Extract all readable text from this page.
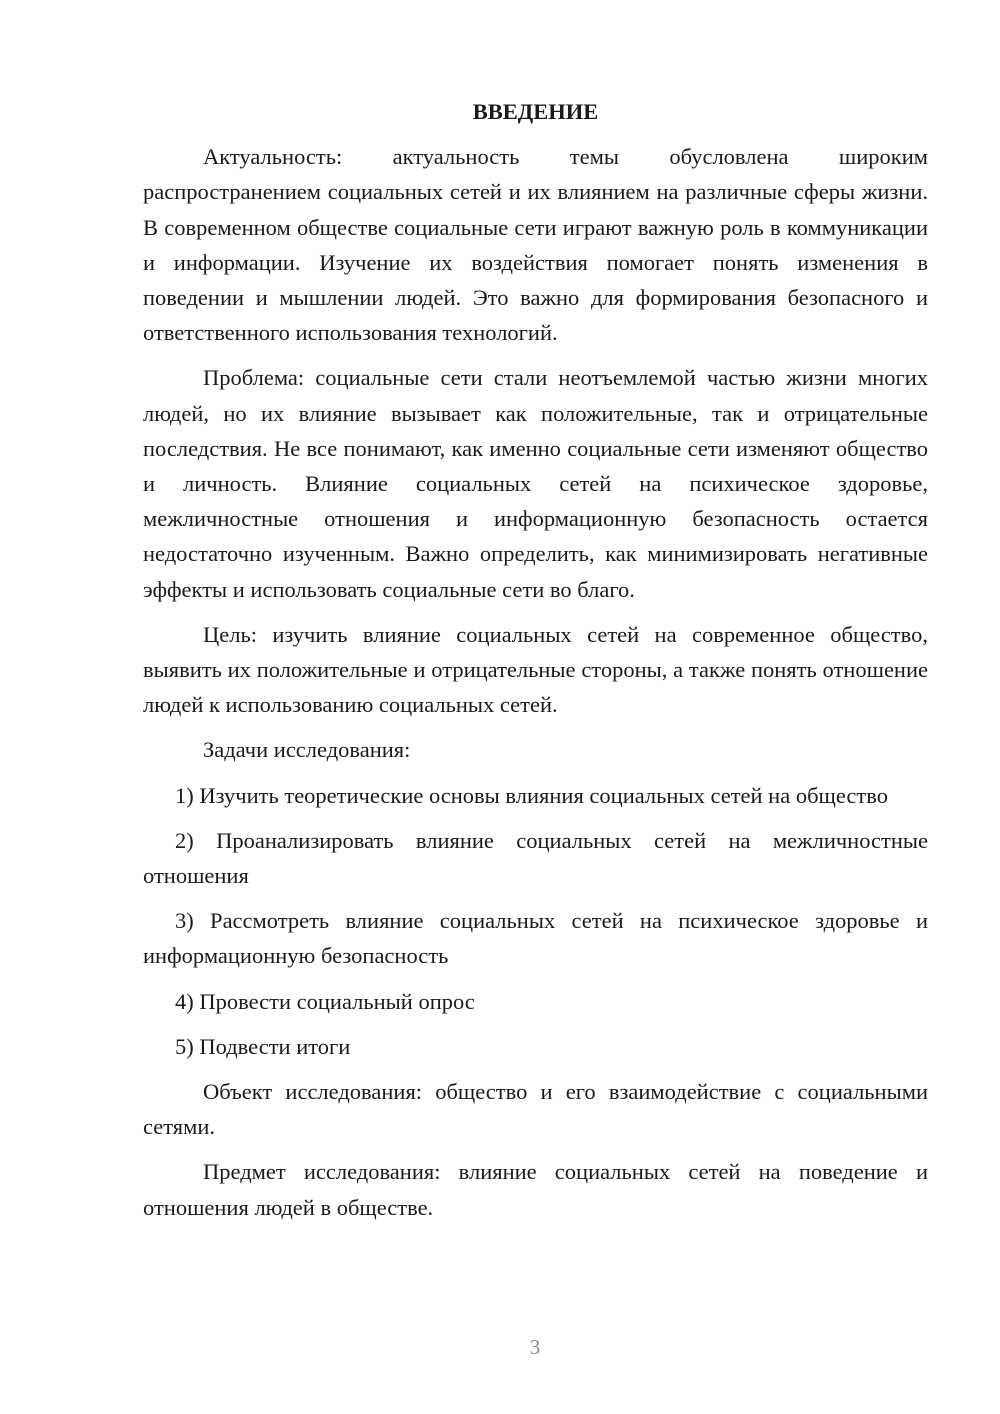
ВВЕДЕНИЕ

Актуальность: актуальность темы обусловлена широким распространением социальных сетей и их влиянием на различные сферы жизни. В современном обществе социальные сети играют важную роль в коммуникации и информации. Изучение их воздействия помогает понять изменения в поведении и мышлении людей. Это важно для формирования безопасного и ответственного использования технологий.

Проблема: социальные сети стали неотъемлемой частью жизни многих людей, но их влияние вызывает как положительные, так и отрицательные последствия. Не все понимают, как именно социальные сети изменяют общество и личность. Влияние социальных сетей на психическое здоровье, межличностные отношения и информационную безопасность остается недостаточно изученным. Важно определить, как минимизировать негативные эффекты и использовать социальные сети во благо.

Цель: изучить влияние социальных сетей на современное общество, выявить их положительные и отрицательные стороны, а также понять отношение людей к использованию социальных сетей.

Задачи исследования:

1) Изучить теоретические основы влияния социальных сетей на общество

2) Проанализировать влияние социальных сетей на межличностные отношения

3) Рассмотреть влияние социальных сетей на психическое здоровье и информационную безопасность

4) Провести социальный опрос

5) Подвести итоги

Объект исследования: общество и его взаимодействие с социальными сетями.

Предмет исследования: влияние социальных сетей на поведение и отношения людей в обществе.

3
